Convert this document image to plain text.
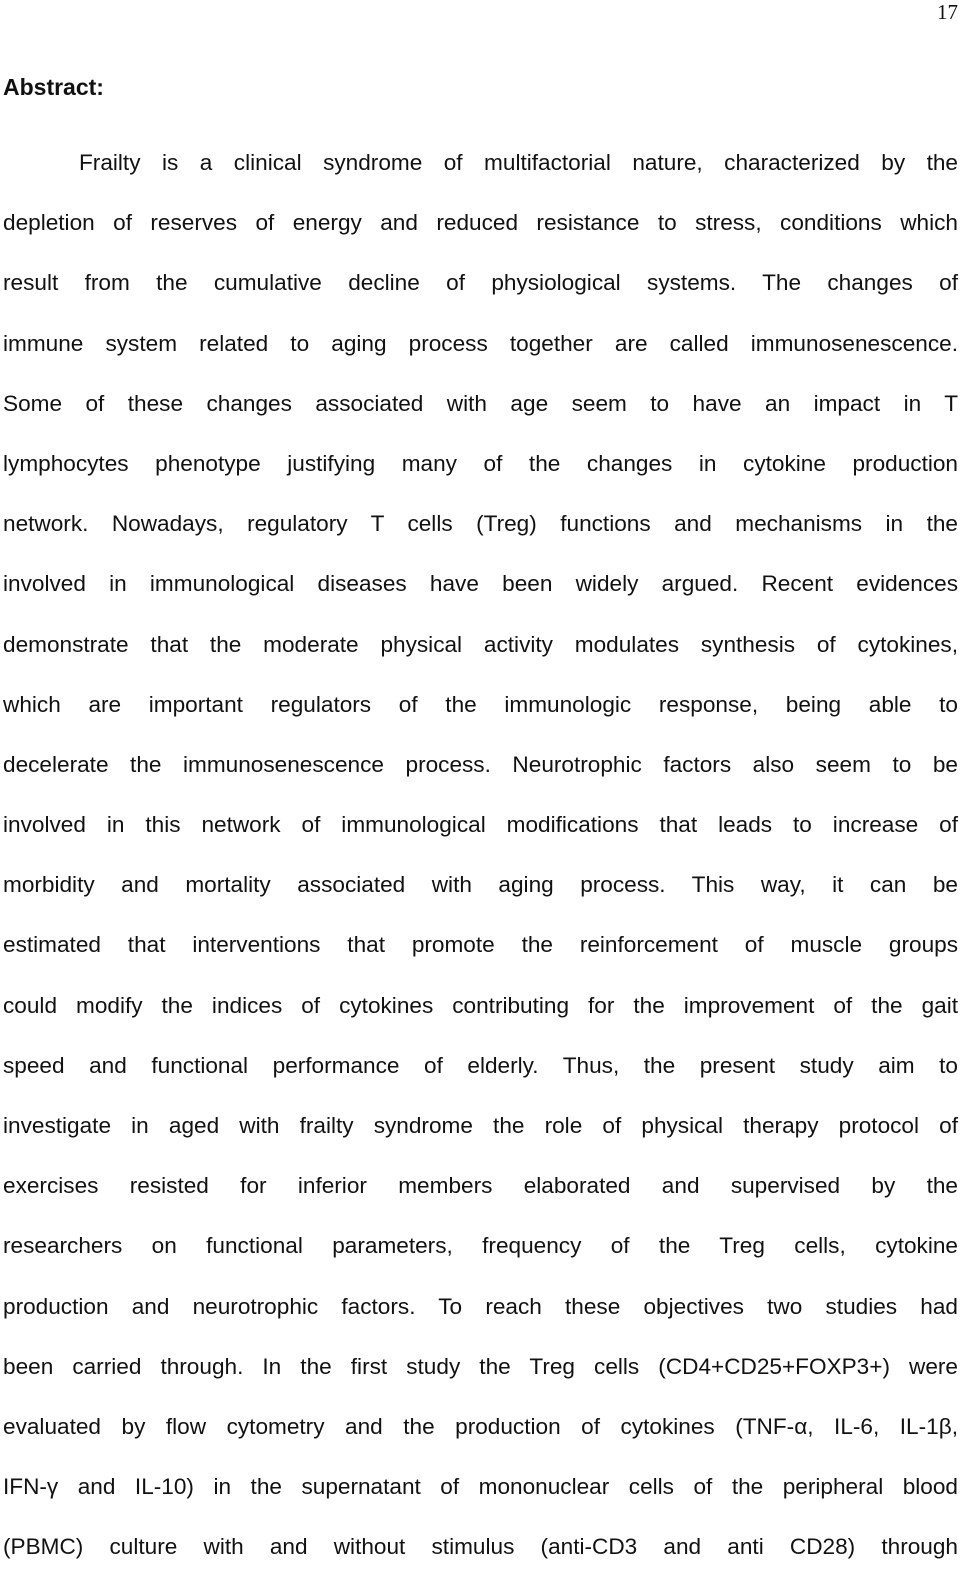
17
Abstract:
Frailty is a clinical syndrome of multifactorial nature, characterized by the
depletion of reserves of energy and reduced resistance to stress, conditions which
result from the cumulative decline of physiological systems. The changes of
immune system related to aging process together are called immunosenescence.
Some of these changes associated with age seem to have an impact in T
lymphocytes phenotype justifying many of the changes in cytokine production
network. Nowadays, regulatory T cells (Treg) functions and mechanisms in the
involved in immunological diseases have been widely argued. Recent evidences
demonstrate that the moderate physical activity modulates synthesis of cytokines,
which are important regulators of the immunologic response, being able to
decelerate the immunosenescence process. Neurotrophic factors also seem to be
involved in this network of immunological modifications that leads to increase of
morbidity and mortality associated with aging process. This way, it can be
estimated that interventions that promote the reinforcement of muscle groups
could modify the indices of cytokines contributing for the improvement of the gait
speed and functional performance of elderly. Thus, the present study aim to
investigate in aged with frailty syndrome the role of physical therapy protocol of
exercises resisted for inferior members elaborated and supervised by the
researchers on functional parameters, frequency of the Treg cells, cytokine
production and neurotrophic factors. To reach these objectives two studies had
been carried through. In the first study the Treg cells (CD4+CD25+FOXP3+) were
evaluated by flow cytometry and the production of cytokines (TNF-α, IL-6, IL-1β,
IFN-γ and IL-10) in the supernatant of mononuclear cells of the peripheral blood
(PBMC) culture with and without stimulus (anti-CD3 and anti CD28) through
